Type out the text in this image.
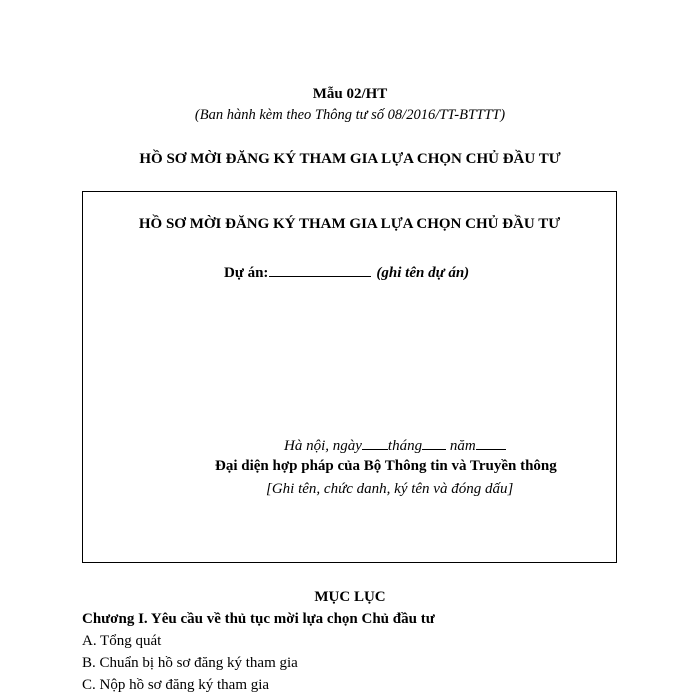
Mẫu 02/HT
(Ban hành kèm theo Thông tư số 08/2016/TT-BTTTT)
HỒ SƠ MỜI ĐĂNG KÝ THAM GIA LỰA CHỌN CHỦ ĐẦU TƯ
HỒ SƠ MỜI ĐĂNG KÝ THAM GIA LỰA CHỌN CHỦ ĐẦU TƯ
Dự án:	(ghi tên dự án)
Hà nội, ngày tháng năm
Đại diện hợp pháp của Bộ Thông tin và Truyền thông
[Ghi tên, chức danh, ký tên và đóng dấu]
MỤC LỤC
Chương I. Yêu cầu về thủ tục mời lựa chọn Chủ đầu tư
A. Tổng quát
B. Chuẩn bị hồ sơ đăng ký tham gia
C. Nộp hồ sơ đăng ký tham gia
